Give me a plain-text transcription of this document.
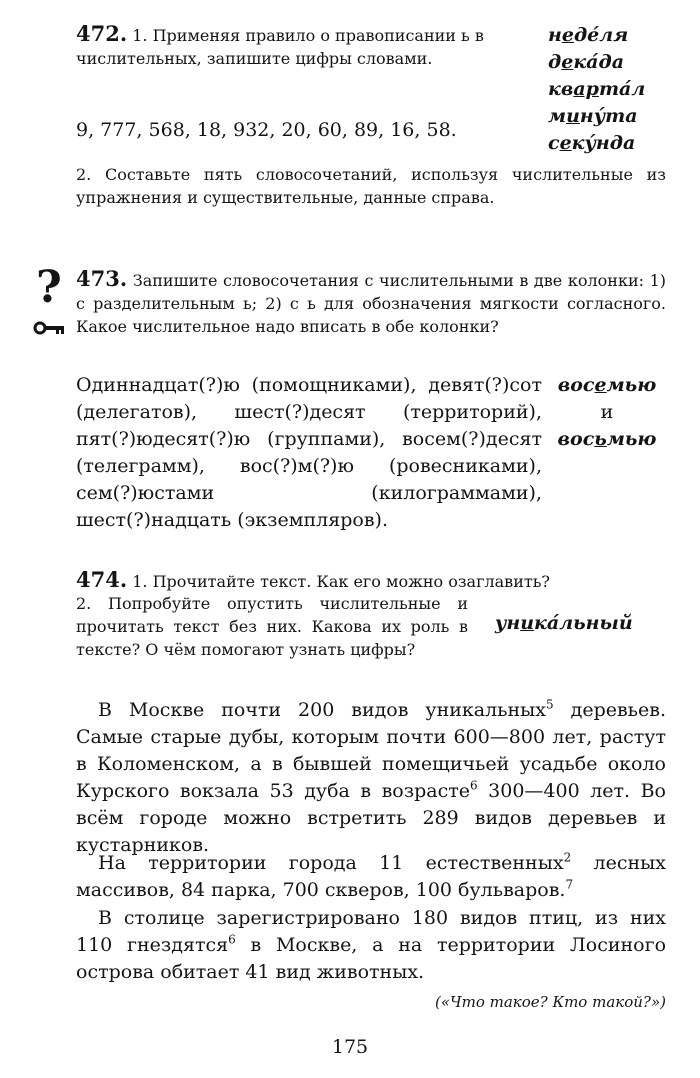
472. 1. Применяя правило о правописании ь в числительных, запишите цифры словами.
9, 777, 568, 18, 932, 20, 60, 89, 16, 58.
2. Составьте пять словосочетаний, используя числительные из упражнения и существительные, данные справа.
неде́ля
дека́да
кварта́л
мину́та
секу́нда
? 473. Запишите словосочетания с числительными в две колонки: 1) с разделительным ь; 2) с ь для обозначения мягкости согласного. Какое числительное надо вписать в обе колонки?
Одиннадцат(?)ю (помощниками), девят(?)сот (делегатов), шест(?)десят (территорий), пят(?)юдесят(?)ю (группами), восем(?)десят (телеграмм), вос(?)м(?)ю (ровесниками), сем(?)юстами (килограммами), шест(?)надцать (экземпляров).
восемью
и
восьмью
474. 1. Прочитайте текст. Как его можно озаглавить?
2. Попробуйте опустить числительные и прочитать текст без них. Какова их роль в тексте? О чём помогают узнать цифры?
уника́льный
В Москве почти 200 видов уникальных$^5$ деревьев. Самые старые дубы, которым почти 600—800 лет, растут в Коломенском, а в бывшей помещичьей усадьбе около Курского вокзала 53 дуба в возрасте$^6$ 300—400 лет. Во всём городе можно встретить 289 видов деревьев и кустарников.
На территории города 11 естественных$^2$ лесных массивов, 84 парка, 700 скверов, 100 бульваров.$^7$
В столице зарегистрировано 180 видов птиц, из них 110 гнездятся$^6$ в Москве, а на территории Лосиного острова обитает 41 вид животных.
(«Что такое? Кто такой?»)
175
